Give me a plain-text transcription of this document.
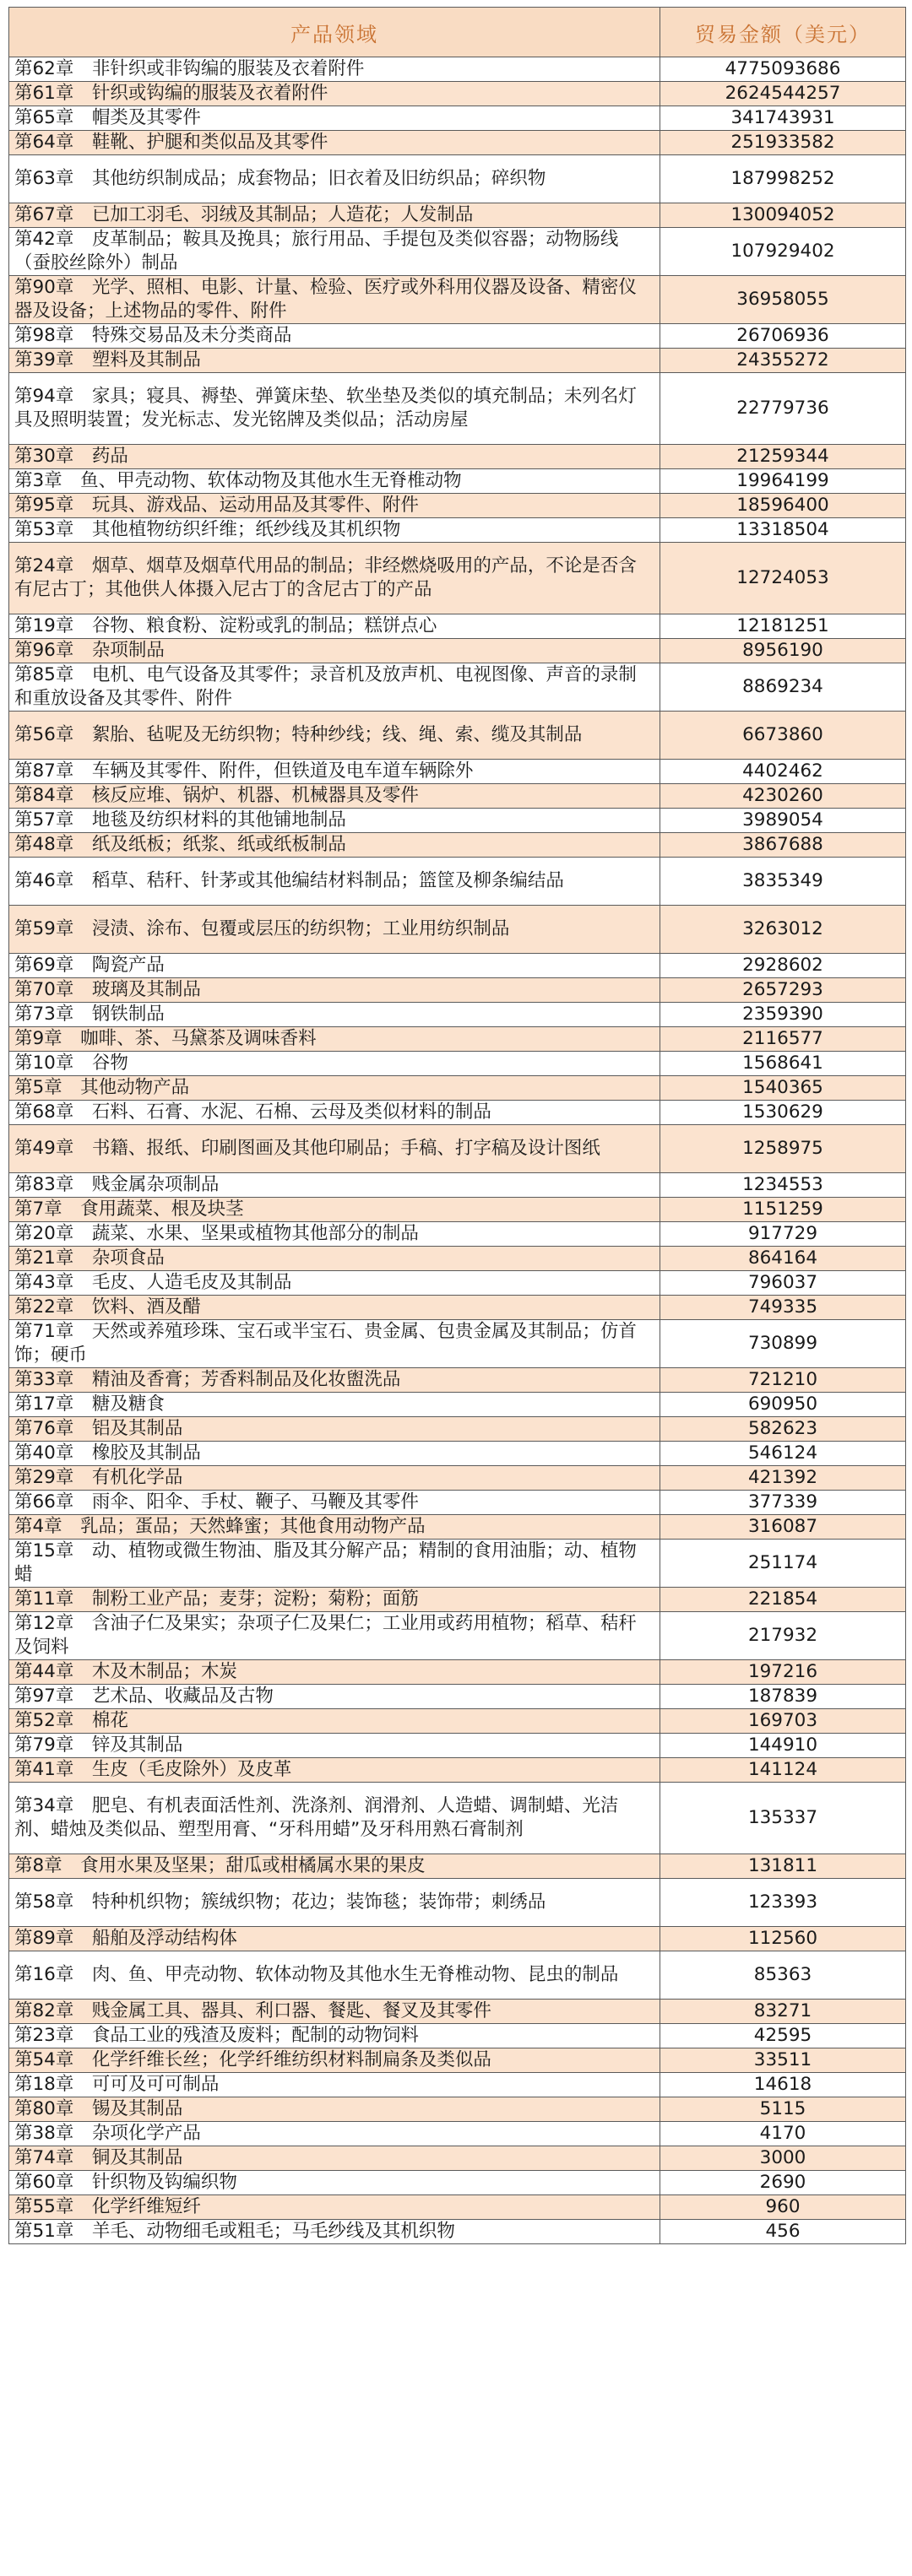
产品领域	贸易金额（美元）
第62章　非针织或非钩编的服装及衣着附件	4775093686
第61章　针织或钩编的服装及衣着附件	2624544257
第65章　帽类及其零件	341743931
第64章　鞋靴、护腿和类似品及其零件	251933582
第63章　其他纺织制成品；成套物品；旧衣着及旧纺织品；碎织物	187998252
第67章　已加工羽毛、羽绒及其制品；人造花；人发制品	130094052
第42章　皮革制品；鞍具及挽具；旅行用品、手提包及类似容器；动物肠线（蚕胶丝除外）制品	107929402
第90章　光学、照相、电影、计量、检验、医疗或外科用仪器及设备、精密仪器及设备；上述物品的零件、附件	36958055
第98章　特殊交易品及未分类商品	26706936
第39章　塑料及其制品	24355272
第94章　家具；寝具、褥垫、弹簧床垫、软坐垫及类似的填充制品；未列名灯具及照明装置；发光标志、发光铭牌及类似品；活动房屋	22779736
第30章　药品	21259344
第3章　鱼、甲壳动物、软体动物及其他水生无脊椎动物	19964199
第95章　玩具、游戏品、运动用品及其零件、附件	18596400
第53章　其他植物纺织纤维；纸纱线及其机织物	13318504
第24章　烟草、烟草及烟草代用品的制品；非经燃烧吸用的产品，不论是否含有尼古丁；其他供人体摄入尼古丁的含尼古丁的产品	12724053
第19章　谷物、粮食粉、淀粉或乳的制品；糕饼点心	12181251
第96章　杂项制品	8956190
第85章　电机、电气设备及其零件；录音机及放声机、电视图像、声音的录制和重放设备及其零件、附件	8869234
第56章　絮胎、毡呢及无纺织物；特种纱线；线、绳、索、缆及其制品	6673860
第87章　车辆及其零件、附件，但铁道及电车道车辆除外	4402462
第84章　核反应堆、锅炉、机器、机械器具及零件	4230260
第57章　地毯及纺织材料的其他铺地制品	3989054
第48章　纸及纸板；纸浆、纸或纸板制品	3867688
第46章　稻草、秸秆、针茅或其他编结材料制品；篮筐及柳条编结品	3835349
第59章　浸渍、涂布、包覆或层压的纺织物；工业用纺织制品	3263012
第69章　陶瓷产品	2928602
第70章　玻璃及其制品	2657293
第73章　钢铁制品	2359390
第9章　咖啡、茶、马黛茶及调味香料	2116577
第10章　谷物	1568641
第5章　其他动物产品	1540365
第68章　石料、石膏、水泥、石棉、云母及类似材料的制品	1530629
第49章　书籍、报纸、印刷图画及其他印刷品；手稿、打字稿及设计图纸	1258975
第83章　贱金属杂项制品	1234553
第7章　食用蔬菜、根及块茎	1151259
第20章　蔬菜、水果、坚果或植物其他部分的制品	917729
第21章　杂项食品	864164
第43章　毛皮、人造毛皮及其制品	796037
第22章　饮料、酒及醋	749335
第71章　天然或养殖珍珠、宝石或半宝石、贵金属、包贵金属及其制品；仿首饰；硬币	730899
第33章　精油及香膏；芳香料制品及化妆盥洗品	721210
第17章　糖及糖食	690950
第76章　铝及其制品	582623
第40章　橡胶及其制品	546124
第29章　有机化学品	421392
第66章　雨伞、阳伞、手杖、鞭子、马鞭及其零件	377339
第4章　乳品；蛋品；天然蜂蜜；其他食用动物产品	316087
第15章　动、植物或微生物油、脂及其分解产品；精制的食用油脂；动、植物蜡	251174
第11章　制粉工业产品；麦芽；淀粉；菊粉；面筋	221854
第12章　含油子仁及果实；杂项子仁及果仁；工业用或药用植物；稻草、秸秆及饲料	217932
第44章　木及木制品；木炭	197216
第97章　艺术品、收藏品及古物	187839
第52章　棉花	169703
第79章　锌及其制品	144910
第41章　生皮（毛皮除外）及皮革	141124
第34章　肥皂、有机表面活性剂、洗涤剂、润滑剂、人造蜡、调制蜡、光洁剂、蜡烛及类似品、塑型用膏、“牙科用蜡”及牙科用熟石膏制剂	135337
第8章　食用水果及坚果；甜瓜或柑橘属水果的果皮	131811
第58章　特种机织物；簇绒织物；花边；装饰毯；装饰带；刺绣品	123393
第89章　船舶及浮动结构体	112560
第16章　肉、鱼、甲壳动物、软体动物及其他水生无脊椎动物、昆虫的制品	85363
第82章　贱金属工具、器具、利口器、餐匙、餐叉及其零件	83271
第23章　食品工业的残渣及废料；配制的动物饲料	42595
第54章　化学纤维长丝；化学纤维纺织材料制扁条及类似品	33511
第18章　可可及可可制品	14618
第80章　锡及其制品	5115
第38章　杂项化学产品	4170
第74章　铜及其制品	3000
第60章　针织物及钩编织物	2690
第55章　化学纤维短纤	960
第51章　羊毛、动物细毛或粗毛；马毛纱线及其机织物	456
